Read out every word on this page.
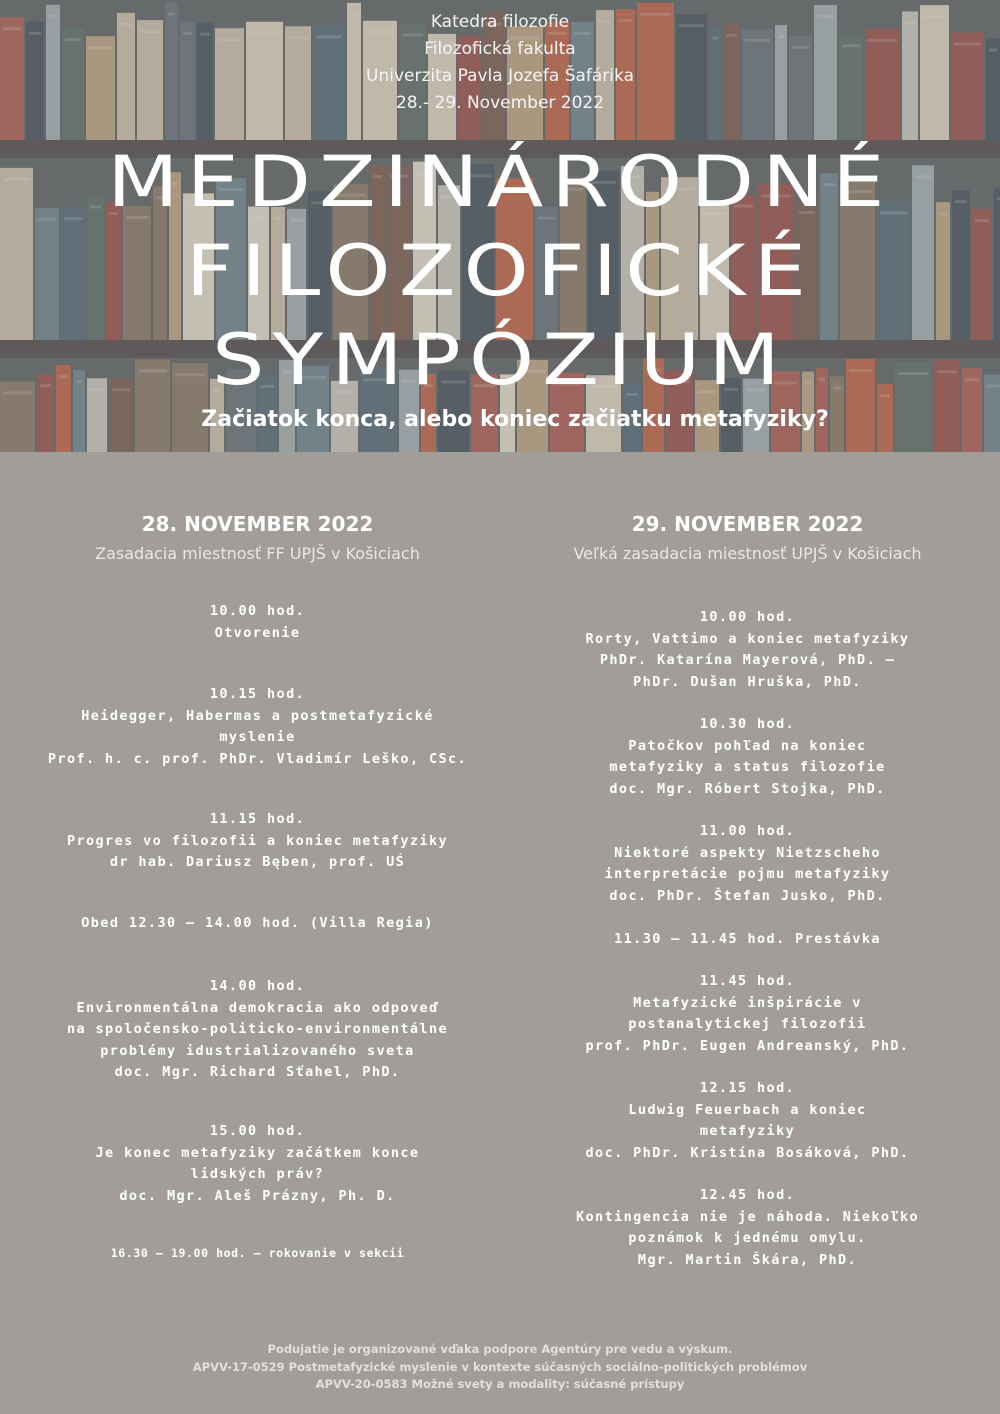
Katedra filozofie
Filozofická fakulta
Univerzita Pavla Jozefa Šafárika
28.- 29. November 2022
MEDZINÁRODNÉ
FILOZOFICKÉ
SYMPÓZIUM
Začiatok konca, alebo koniec začiatku metafyziky?
28. NOVEMBER 2022
Zasadacia miestnosť FF UPJŠ v Košiciach
10.00 hod.
Otvorenie
10.15 hod.
Heidegger, Habermas a postmetafyzické
myslenie
Prof. h. c. prof. PhDr. Vladimír Leško, CSc.
11.15 hod.
Progres vo filozofii a koniec metafyziky
dr hab. Dariusz Bęben, prof. UŚ
Obed 12.30 – 14.00 hod. (Villa Regia)
14.00 hod.
Environmentálna demokracia ako odpoveď
na spoločensko-politicko-environmentálne
problémy idustrializovaného sveta
doc. Mgr. Richard Sťahel, PhD.
15.00 hod.
Je konec metafyziky začátkem konce
lidských práv?
doc. Mgr. Aleš Prázny, Ph. D.
16.30 – 19.00 hod. – rokovanie v sekcii
29. NOVEMBER 2022
Veľká zasadacia miestnosť UPJŠ v Košiciach
10.00 hod.
Rorty, Vattimo a koniec metafyziky
PhDr. Katarína Mayerová, PhD. –
PhDr. Dušan Hruška, PhD.
10.30 hod.
Patočkov pohľad na koniec
metafyziky a status filozofie
doc. Mgr. Róbert Stojka, PhD.
11.00 hod.
Niektoré aspekty Nietzscheho
interpretácie pojmu metafyziky
doc. PhDr. Štefan Jusko, PhD.
11.30 – 11.45 hod. Prestávka
11.45 hod.
Metafyzické inšpirácie v
postanalytickej filozofii
prof. PhDr. Eugen Andreanský, PhD.
12.15 hod.
Ludwig Feuerbach a koniec
metafyziky
doc. PhDr. Kristína Bosáková, PhD.
12.45 hod.
Kontingencia nie je náhoda. Niekoľko
poznámok k jednému omylu.
Mgr. Martin Škára, PhD.
Podujatie je organizované vďaka podpore Agentúry pre vedu a výskum.
APVV-17-0529 Postmetafyzické myslenie v kontexte súčasných sociálno-politických problémov
APVV-20-0583 Možné svety a modality: súčasné prístupy
